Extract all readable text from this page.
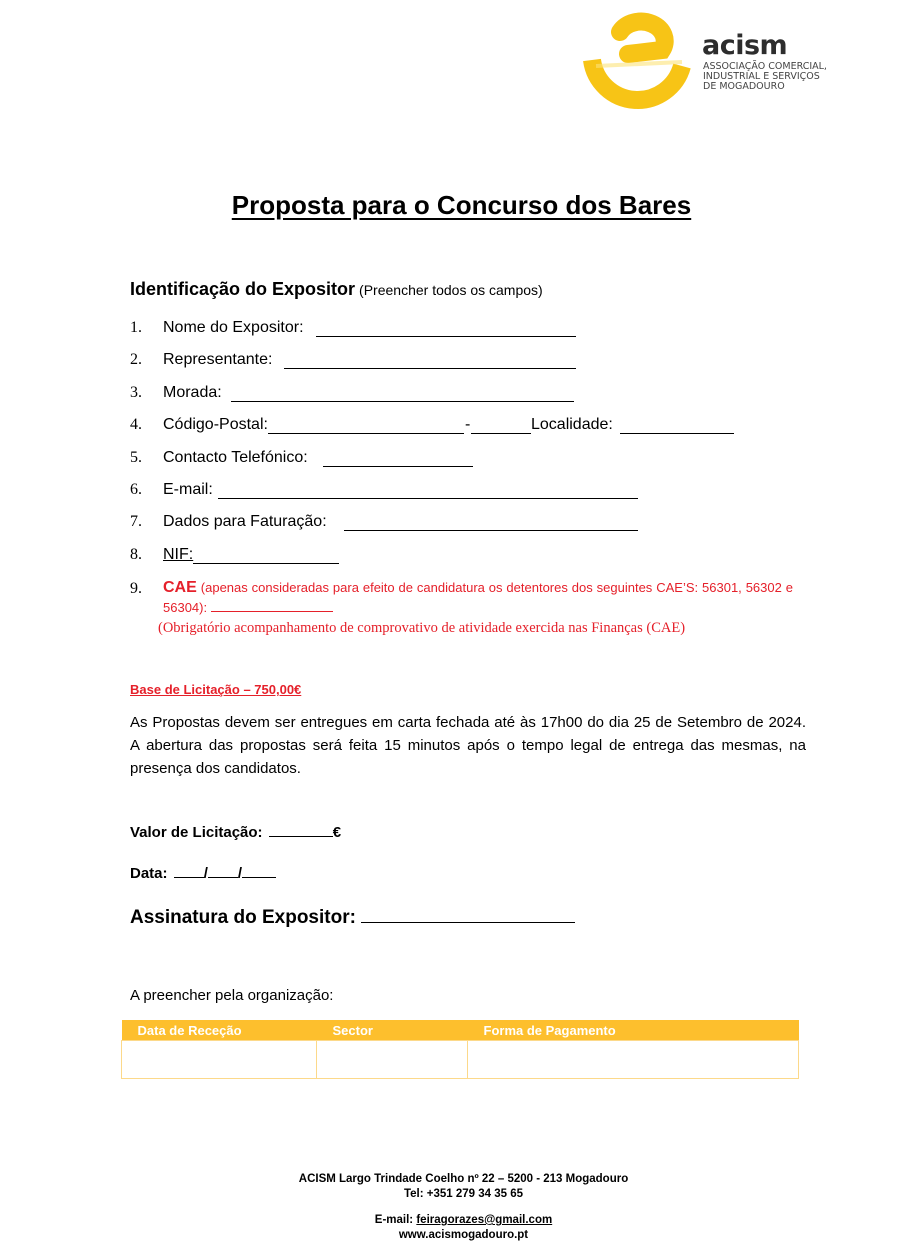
acism
ASSOCIAÇÃO COMERCIAL,
INDUSTRIAL E SERVIÇOS
DE MOGADOURO
Proposta para o Concurso dos Bares
Identificação do Expositor (Preencher todos os campos)
1. Nome do Expositor:
2. Representante:
3. Morada:
4. Código-Postal:	-	Localidade:
5. Contacto Telefónico:
6. E-mail:
7. Dados para Faturação:
8. NIF:
9. CAE (apenas consideradas para efeito de candidatura os detentores dos seguintes CAE’S: 56301, 56302 e 56304):
(Obrigatório acompanhamento de comprovativo de atividade exercida nas Finanças (CAE)
Base de Licitação – 750,00€
As Propostas devem ser entregues em carta fechada até às 17h00 do dia 25 de Setembro de 2024. A abertura das propostas será feita 15 minutos após o tempo legal de entrega das mesmas, na presença dos candidatos.
Valor de Licitação:	€
Data: / /
Assinatura do Expositor:
A preencher pela organização:
Data de Receção	Sector	Forma de Pagamento

ACISM Largo Trindade Coelho nº 22 – 5200 - 213 Mogadouro
Tel: +351 279 34 35 65
E-mail: feiragorazes@gmail.com
www.acismogadouro.pt
